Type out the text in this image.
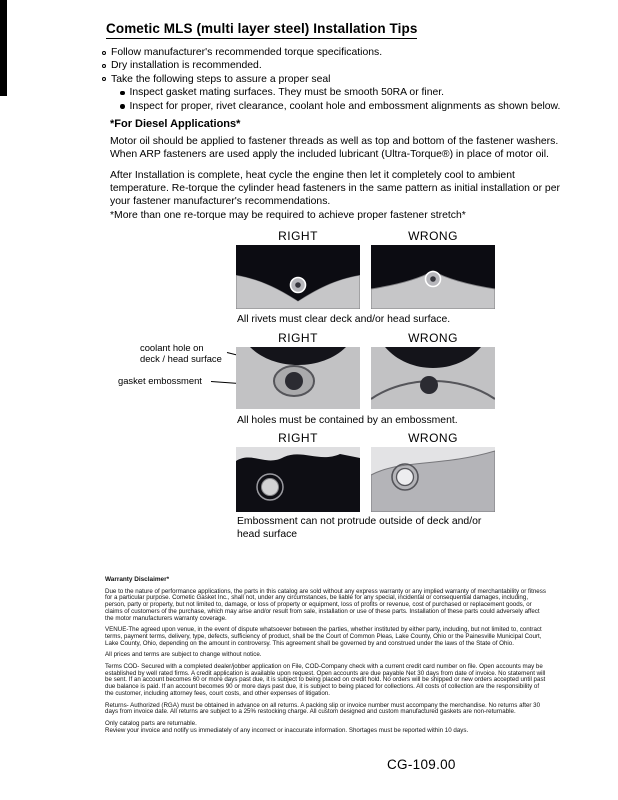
Cometic MLS (multi layer steel) Installation Tips
Follow manufacturer's recommended torque specifications.
Dry installation is recommended.
Take the following steps to assure a proper seal
Inspect gasket mating surfaces. They must be smooth 50RA or finer.
Inspect for proper, rivet clearance, coolant hole and embossment alignments as shown below.
*For Diesel Applications*
Motor oil should be applied to fastener threads as well as top and bottom of the fastener washers. When ARP fasteners are used apply the included lubricant (Ultra-Torque®) in place of motor oil.
After Installation is complete, heat cycle the engine then let it completely cool to ambient temperature. Re-torque the cylinder head fasteners in the same pattern as initial installation or per your fastener manufacturer's recommendations.
*More than one re-torque may be required to achieve proper fastener stretch*
RIGHT	WRONG
All rivets must clear deck and/or head surface.
RIGHT	WRONG
coolant hole on
deck / head surface
gasket embossment
All holes must be contained by an embossment.
RIGHT	WRONG
Embossment can not protrude outside of deck and/or head surface
Warranty Disclaimer*

Due to the nature of performance applications, the parts in this catalog are sold without any express warranty or any implied warranty of merchantability or fitness for a particular purpose. Cometic Gasket Inc., shall not, under any circumstances, be liable for any special, incidental or consequential damages, including, person, party or property, but not limited to, damage, or loss of property or equipment, loss of profits or revenue, cost of purchased or replacement goods, or claims of customers of the purchase, which may arise and/or result from sale, installation or use of these parts. Installation of these parts could adversely affect the motor manufacturers warranty coverage.

VENUE-The agreed upon venue, in the event of dispute whatsoever between the parties, whether instituted by either party, including, but not limited to, contract terms, payment terms, delivery, type, defects, sufficiency of product, shall be the Court of Common Pleas, Lake County, Ohio or the Painesville Municipal Court, Lake County, Ohio, depending on the amount in controversy. This agreement shall be governed by and construed under the laws of the State of Ohio.

All prices and terms are subject to change without notice.

Terms COD- Secured with a completed dealer/jobber application on File, COD-Company check with a current credit card number on file. Open accounts may be established by well rated firms. A credit application is available upon request. Open accounts are due payable Net 30 days from date of invoice. No statement will be sent. If an account becomes 60 or more days past due, it is subject to being placed on credit hold. No orders will be shipped or new orders accepted until past due balance is paid. If an account becomes 90 or more days past due, it is subject to being placed for collections. All costs of collection are the responsibility of the customer, including attorney fees, court costs, and other expenses of litigation.

Returns- Authorized (RGA) must be obtained in advance on all returns. A packing slip or invoice number must accompany the merchandise. No returns after 30 days from invoice date. All returns are subject to a 25% restocking charge. All custom designed and custom manufactured gaskets are non-returnable.

Only catalog parts are returnable.

Review your invoice and notify us immediately of any incorrect or inaccurate information. Shortages must be reported within 10 days.

CG-109.00
